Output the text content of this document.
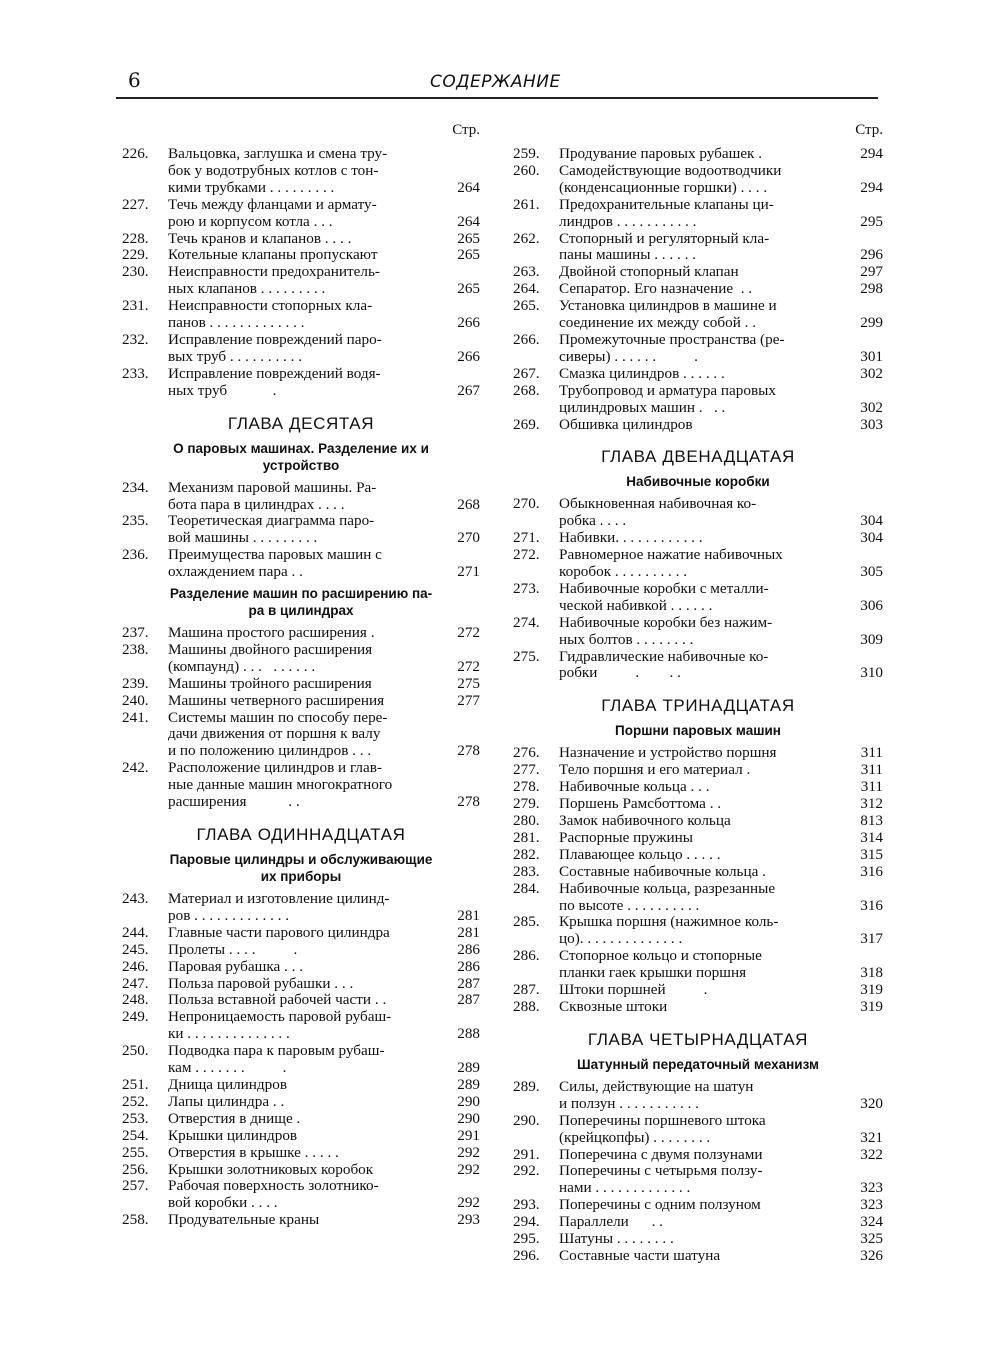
6	СОДЕРЖАНИЕ
Стр.
226.	Вальцовка, заглушка и смена тру-
бок у водотрубных котлов с тон-
кими трубками . . . . . . . . .	264
227.	Течь между фланцами и армату-
рою и корпусом котла . . .	264
228.	Течь кранов и клапанов . . . .	265
229.	Котельные клапаны пропускают	265
230.	Неисправности предохранитель-
ных клапанов . . . . . . . . .	265
231.	Неисправности стопорных кла-
панов . . . . . . . . . . . . .	266
232.	Исправление повреждений паро-
вых труб . . . . . . . . . .	266
233.	Исправление повреждений водя-
ных труб            .	267
ГЛАВА ДЕСЯТАЯ
О паровых машинах. Разделение их и
устройство
234.	Механизм паровой машины. Ра-
бота пара в цилиндрах . . . .	268
235.	Теоретическая диаграмма паро-
вой машины . . . . . . . . .	270
236.	Преимущества паровых машин с
охлаждением пара . .	271
Разделение машин по расширению па-
ра в цилиндрах
237.	Машина простого расширения .	272
238.	Машины двойного расширения
(компаунд) . . .   . . . . . .	272
239.	Машины тройного расширения	275
240.	Машины четверного расширения	277
241.	Системы машин по способу пере-
дачи движения от поршня к валу
и по положению цилиндров . . .	278
242.	Расположение цилиндров и глав-
ные данные машин многократного
расширения           . .	278
ГЛАВА ОДИННАДЦАТАЯ
Паровые цилиндры и обслуживающие
их приборы
243.	Материал и изготовление цилинд-
ров . . . . . . . . . . . . .	281
244.	Главные части парового цилиндра	281
245.	Пролеты . . . .          .	286
246.	Паровая рубашка . . .	286
247.	Польза паровой рубашки . . .	287
248.	Польза вставной рабочей части . .	287
249.	Непроницаемость паровой рубаш-
ки . . . . . . . . . . . . . .	288
250.	Подводка пара к паровым рубаш-
кам . . . . . . .          .	289
251.	Днища цилиндров	289
252.	Лапы цилиндра . .	290
253.	Отверстия в днище .	290
254.	Крышки цилиндров	291
255.	Отверстия в крышке . . . . .	292
256.	Крышки золотниковых коробок	292
257.	Рабочая поверхность золотнико-
вой коробки . . . .	292
258.	Продувательные краны	293
Стр.
259.	Продувание паровых рубашек .	294
260.	Самодействующие водоотводчики
(конденсационные горшки) . . . .	294
261.	Предохранительные клапаны ци-
линдров . . . . . . . . . . .	295
262.	Стопорный и регуляторный кла-
паны машины . . . . . .	296
263.	Двойной стопорный клапан	297
264.	Сепаратор. Его назначение  . .	298
265.	Установка цилиндров в машине и
соединение их между собой . .	299
266.	Промежуточные пространства (ре-
сиверы) . . . . . .          .	301
267.	Смазка цилиндров . . . . . .	302
268.	Трубопровод и арматура паровых
цилиндровых машин .   . .	302
269.	Обшивка цилиндров	303
ГЛАВА ДВЕНАДЦАТАЯ
Набивочные коробки
270.	Обыкновенная набивочная ко-
робка . . . .	304
271.	Набивки. . . . . . . . . . . .	304
272.	Равномерное нажатие набивочных
коробок . . . . . . . . . .	305
273.	Набивочные коробки с металли-
ческой набивкой . . . . . .	306
274.	Набивочные коробки без нажим-
ных болтов . . . . . . . .	309
275.	Гидравлические набивочные ко-
робки          .        . .	310
ГЛАВА ТРИНАДЦАТАЯ
Поршни паровых машин
276.	Назначение и устройство поршня	311
277.	Тело поршня и его материал .	311
278.	Набивочные кольца . . .	311
279.	Поршень Рамсботтома . .	312
280.	Замок набивочного кольца	813
281.	Распорные пружины	314
282.	Плавающее кольцо . . . . .	315
283.	Составные набивочные кольца .	316
284.	Набивочные кольца, разрезанные
по высоте . . . . . . . . . .	316
285.	Крышка поршня (нажимное коль-
цо). . . . . . . . . . . . . .	317
286.	Стопорное кольцо и стопорные
планки гаек крышки поршня	318
287.	Штоки поршней          .	319
288.	Сквозные штоки	319
ГЛАВА ЧЕТЫРНАДЦАТАЯ
Шатунный передаточный механизм
289.	Силы, действующие на шатун
и ползун . . . . . . . . . . .	320
290.	Поперечины поршневого штока
(крейцкопфы) . . . . . . . .	321
291.	Поперечина с двумя ползунами	322
292.	Поперечины с четырьмя ползу-
нами . . . . . . . . . . . . .	323
293.	Поперечины с одним ползуном	323
294.	Параллели      . .	324
295.	Шатуны . . . . . . . .	325
296.	Составные части шатуна	326
